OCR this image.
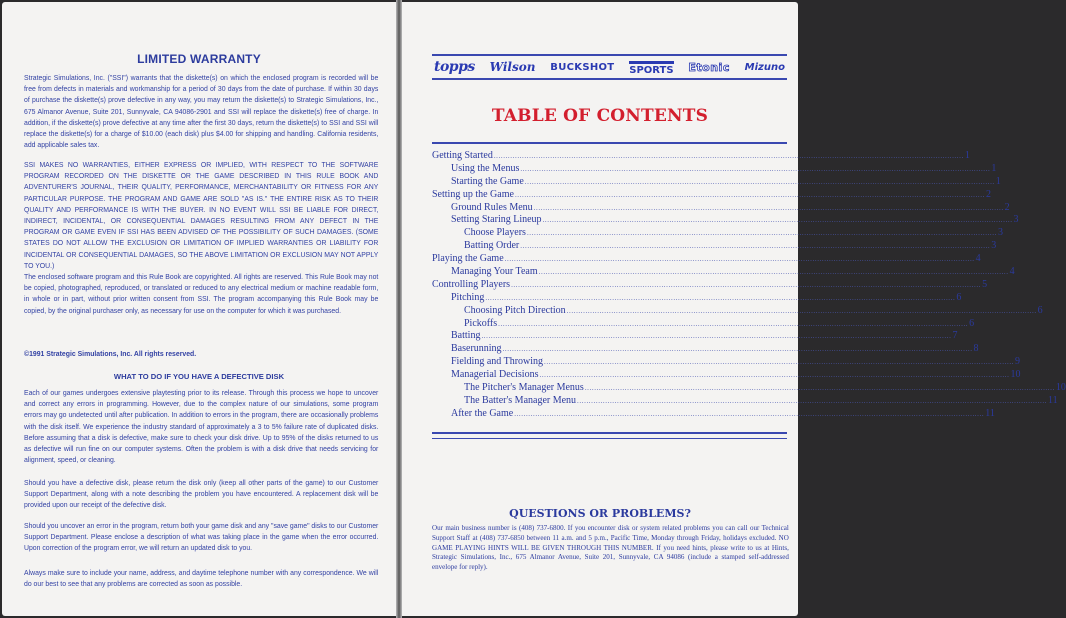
LIMITED WARRANTY
Strategic Simulations, Inc. ("SSI") warrants that the diskette(s) on which the enclosed program is recorded will be free from defects in materials and workmanship for a period of 30 days from the date of purchase. If within 30 days of purchase the diskette(s) prove defective in any way, you may return the diskette(s) to Strategic Simulations, Inc., 675 Almanor Avenue, Suite 201, Sunnyvale, CA 94086-2901 and SSI will replace the diskette(s) free of charge. In addition, if the diskette(s) prove defective at any time after the first 30 days, return the diskette(s) to SSI and SSI will replace the diskette(s) for a charge of $10.00 (each disk) plus $4.00 for shipping and handling. California residents, add applicable sales tax.
SSI MAKES NO WARRANTIES, EITHER EXPRESS OR IMPLIED, WITH RESPECT TO THE SOFTWARE PROGRAM RECORDED ON THE DISKETTE OR THE GAME DESCRIBED IN THIS RULE BOOK AND ADVENTURER'S JOURNAL, THEIR QUALITY, PERFORMANCE, MERCHANTABILITY OR FITNESS FOR ANY PARTICULAR PURPOSE. THE PROGRAM AND GAME ARE SOLD "AS IS." THE ENTIRE RISK AS TO THEIR QUALITY AND PERFORMANCE IS WITH THE BUYER. IN NO EVENT WILL SSI BE LIABLE FOR DIRECT, INDIRECT, INCIDENTAL, OR CONSEQUENTIAL DAMAGES RESULTING FROM ANY DEFECT IN THE PROGRAM OR GAME EVEN IF SSI HAS BEEN ADVISED OF THE POSSIBILITY OF SUCH DAMAGES. (SOME STATES DO NOT ALLOW THE EXCLUSION OR LIMITATION OF IMPLIED WARRANTIES OR LIABILITY FOR INCIDENTAL OR CONSEQUENTIAL DAMAGES, SO THE ABOVE LIMITATION OR EXCLUSION MAY NOT APPLY TO YOU.)
The enclosed software program and this Rule Book are copyrighted. All rights are reserved. This Rule Book may not be copied, photographed, reproduced, or translated or reduced to any electrical medium or machine readable form, in whole or in part, without prior written consent from SSI. The program accompanying this Rule Book may be copied, by the original purchaser only, as necessary for use on the computer for which it was purchased.
©1991 Strategic Simulations, Inc. All rights reserved.
WHAT TO DO IF YOU HAVE A DEFECTIVE DISK
Each of our games undergoes extensive playtesting prior to its release. Through this process we hope to uncover and correct any errors in programming. However, due to the complex nature of our simulations, some program errors may go undetected until after publication. In addition to errors in the program, there are occasionally problems with the disk itself. We experience the industry standard of approximately a 3 to 5% failure rate of duplicated disks. Before assuming that a disk is defective, make sure to check your disk drive. Up to 95% of the disks returned to us as defective will run fine on our computer systems. Often the problem is with a disk drive that needs servicing for alignment, speed, or cleaning.
Should you have a defective disk, please return the disk only (keep all other parts of the game) to our Customer Support Department, along with a note describing the problem you have encountered. A replacement disk will be provided upon our receipt of the defective disk.
Should you uncover an error in the program, return both your game disk and any "save game" disks to our Customer Support Department. Please enclose a description of what was taking place in the game when the error occurred. Upon correction of the program error, we will return an updated disk to you.
Always make sure to include your name, address, and daytime telephone number with any correspondence. We will do our best to see that any problems are corrected as soon as possible.
topps Wilson BUCKSHOT SPORTS Etonic Mizuno
TABLE OF CONTENTS
Getting Started ........................................................................................................................................................................................................ 1
Using the Menus ........................................................................................................................................................................................................ 1
Starting the Game ........................................................................................................................................................................................................ 1
Setting up the Game ........................................................................................................................................................................................................ 2
Ground Rules Menu ........................................................................................................................................................................................................ 2
Setting Staring Lineup ........................................................................................................................................................................................................ 3
Choose Players ........................................................................................................................................................................................................ 3
Batting Order ........................................................................................................................................................................................................ 3
Playing the Game ........................................................................................................................................................................................................ 4
Managing Your Team ........................................................................................................................................................................................................ 4
Controlling Players ........................................................................................................................................................................................................ 5
Pitching ........................................................................................................................................................................................................ 6
Choosing Pitch Direction ........................................................................................................................................................................................................ 6
Pickoffs ........................................................................................................................................................................................................ 6
Batting ........................................................................................................................................................................................................ 7
Baserunning ........................................................................................................................................................................................................ 8
Fielding and Throwing ........................................................................................................................................................................................................ 9
Managerial Decisions ........................................................................................................................................................................................................ 10
The Pitcher's Manager Menus ........................................................................................................................................................................................................ 10
The Batter's Manager Menu ........................................................................................................................................................................................................ 11
After the Game ........................................................................................................................................................................................................ 11
QUESTIONS OR PROBLEMS?
Our main business number is (408) 737-6800. If you encounter disk or system related problems you can call our Technical Support Staff at (408) 737-6850 between 11 a.m. and 5 p.m., Pacific Time, Monday through Friday, holidays excluded. NO GAME PLAYING HINTS WILL BE GIVEN THROUGH THIS NUMBER. If you need hints, please write to us at Hints, Strategic Simulations, Inc., 675 Almanor Avenue, Suite 201, Sunnyvale, CA 94086 (include a stamped self-addressed envelope for reply).
